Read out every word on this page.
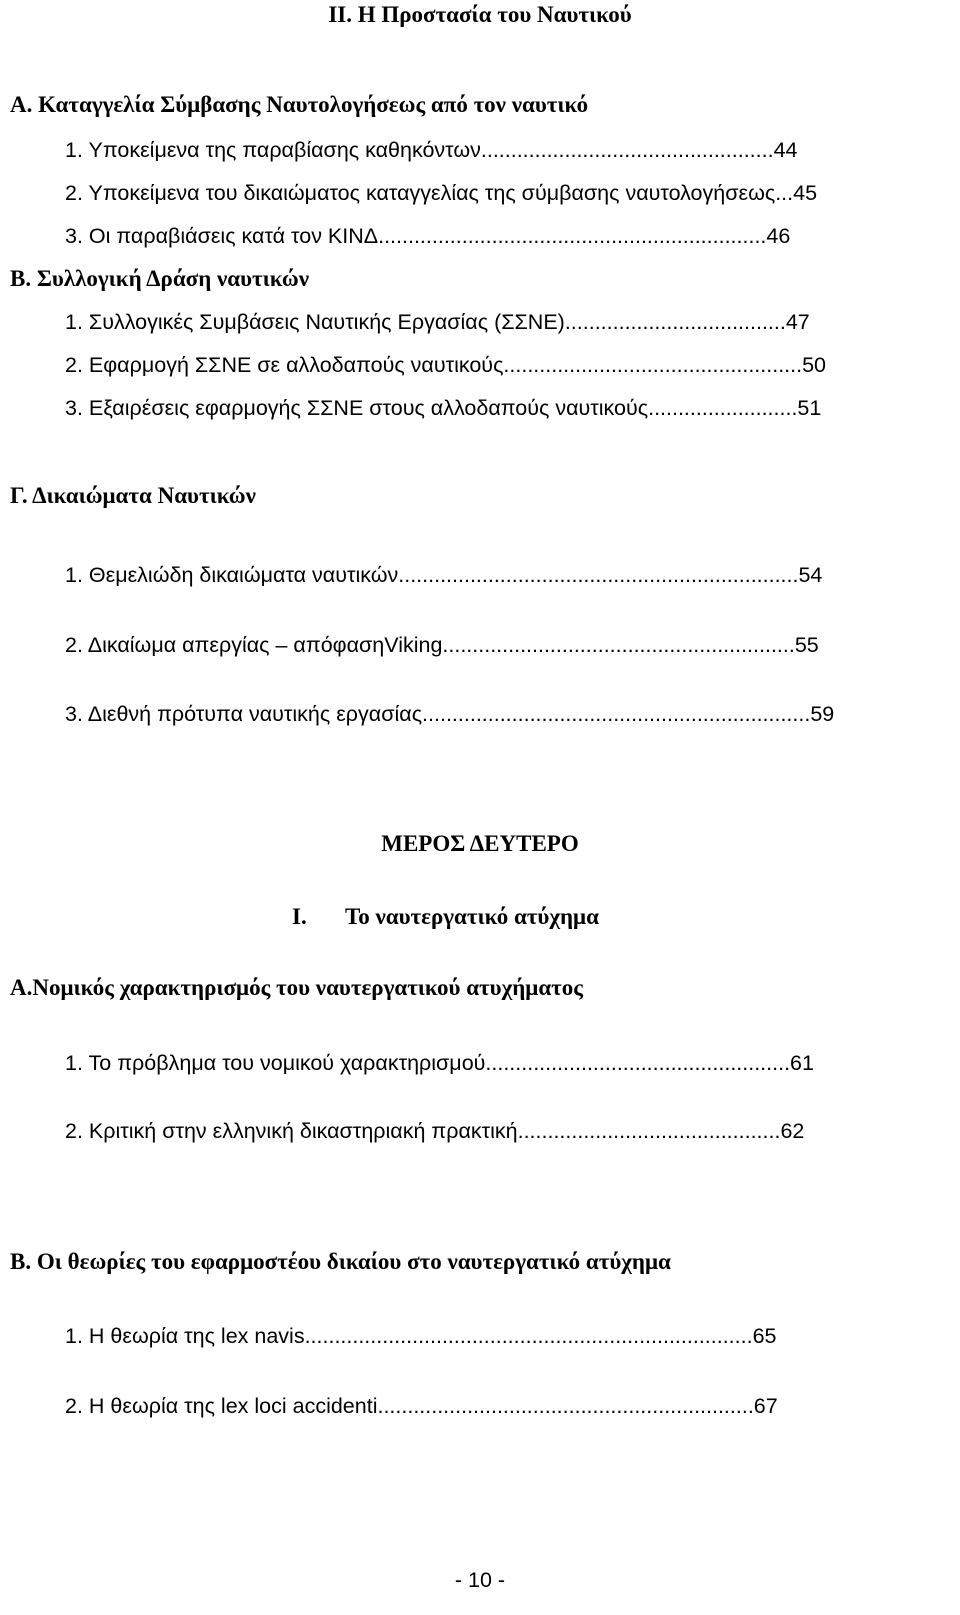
ΙΙ. Η Προστασία του Ναυτικού
Α. Καταγγελία Σύμβασης Ναυτολογήσεως από τον ναυτικό
1. Υποκείμενα της παραβίασης καθηκόντων.................................................44
2. Υποκείμενα του δικαιώματος καταγγελίας της σύμβασης ναυτολογήσεως...45
3. Οι παραβιάσεις κατά τον ΚΙΝΔ.................................................................46
Β. Συλλογική Δράση ναυτικών
1. Συλλογικές Συμβάσεις Ναυτικής Εργασίας (ΣΣΝΕ).....................................47
2. Εφαρμογή ΣΣΝΕ σε αλλοδαπούς ναυτικούς..................................................50
3. Εξαιρέσεις εφαρμογής ΣΣΝΕ στους αλλοδαπούς ναυτικούς.........................51
Γ. Δικαιώματα Ναυτικών
1. Θεμελιώδη δικαιώματα ναυτικών...................................................................54
2. Δικαίωμα απεργίας – απόφασηViking...........................................................55
3. Διεθνή πρότυπα ναυτικής εργασίας.................................................................59
ΜΕΡΟΣ ΔΕΥΤΕΡΟ
Ι. Το ναυτεργατικό ατύχημα
Α.Νομικός χαρακτηρισμός του ναυτεργατικού ατυχήματος
1. Το πρόβλημα του νομικού χαρακτηρισμού...................................................61
2. Κριτική στην ελληνική δικαστηριακή πρακτική............................................62
Β. Οι θεωρίες του εφαρμοστέου δικαίου στο ναυτεργατικό ατύχημα
1. Η θεωρία της lex navis...........................................................................65
2. Η θεωρία της lex loci accidenti...............................................................67
- 10 -
